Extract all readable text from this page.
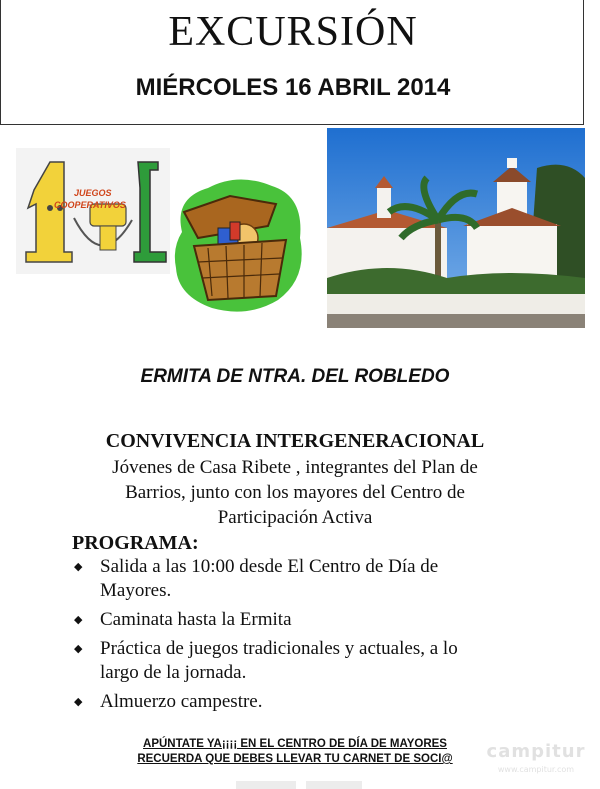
EXCURSIÓN
MIÉRCOLES 16 ABRIL 2014
JUEGOS
COOPERATIVOS
ERMITA DE NTRA. DEL ROBLEDO
CONVIVENCIA INTERGENERACIONAL
Jóvenes de Casa Ribete , integrantes del Plan de
Barrios, junto con los mayores del Centro de
Participación Activa
PROGRAMA:
◆ Salida a las 10:00 desde El Centro de Día de
Mayores.
◆ Caminata hasta la Ermita
◆ Práctica de juegos tradicionales y actuales, a lo
largo de la jornada.
◆ Almuerzo campestre.
APÚNTATE YA¡¡¡¡ EN EL CENTRO DE DÍA DE MAYORES
RECUERDA QUE DEBES LLEVAR TU CARNET DE SOCI@	campitur
www.campitur.com
